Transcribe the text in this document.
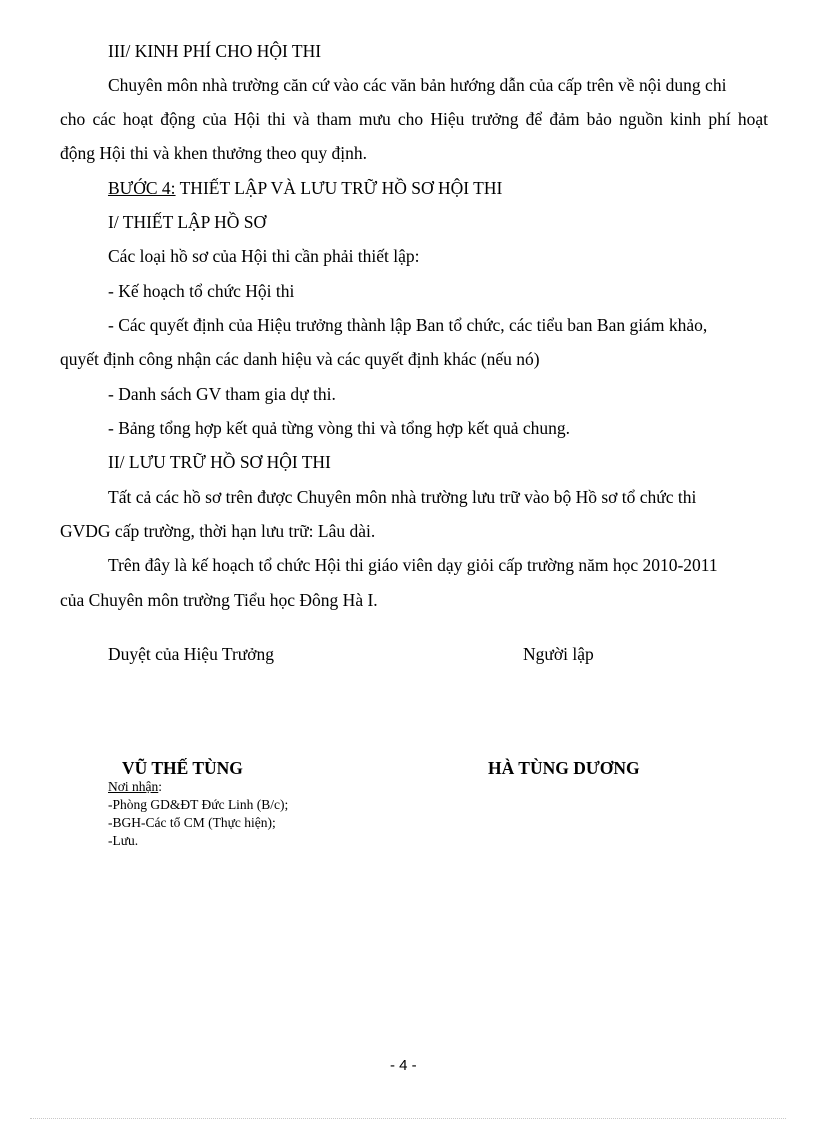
III/ KINH PHÍ CHO HỘI THI
Chuyên môn nhà trường căn cứ vào các văn bản hướng dẫn của cấp trên về nội dung chi
cho các hoạt động của Hội thi và tham mưu cho Hiệu trưởng để đảm bảo nguồn kinh phí hoạt
động Hội thi và khen thưởng theo quy định.
BƯỚC 4: THIẾT LẬP VÀ LƯU TRỮ HỒ SƠ HỘI THI
I/ THIẾT LẬP HỒ SƠ
Các loại hồ sơ của Hội thi cần phải thiết lập:
- Kế hoạch tổ chức Hội thi
- Các quyết định của Hiệu trưởng thành lập Ban tổ chức, các tiểu ban Ban giám khảo,
quyết định công nhận các danh hiệu và các quyết định khác (nếu nó)
- Danh sách GV tham gia dự thi.
- Bảng tổng hợp kết quả từng vòng thi và tổng hợp kết quả chung.
II/ LƯU TRỮ HỒ SƠ HỘI THI
Tất cả các hồ sơ trên được Chuyên môn nhà trường lưu trữ vào bộ Hồ sơ tổ chức thi
GVDG cấp trường, thời hạn lưu trữ: Lâu dài.
Trên đây là kế hoạch tổ chức Hội thi giáo viên dạy giỏi cấp trường năm học 2010-2011
của Chuyên môn trường Tiểu học Đông Hà I.
Duyệt của Hiệu Trưởng	Người lập
VŨ THẾ TÙNG	HÀ TÙNG DƯƠNG
Nơi nhận:
-Phòng GD&ĐT Đức Linh (B/c);
-BGH-Các tổ CM (Thực hiện);
-Lưu.
- 4 -
